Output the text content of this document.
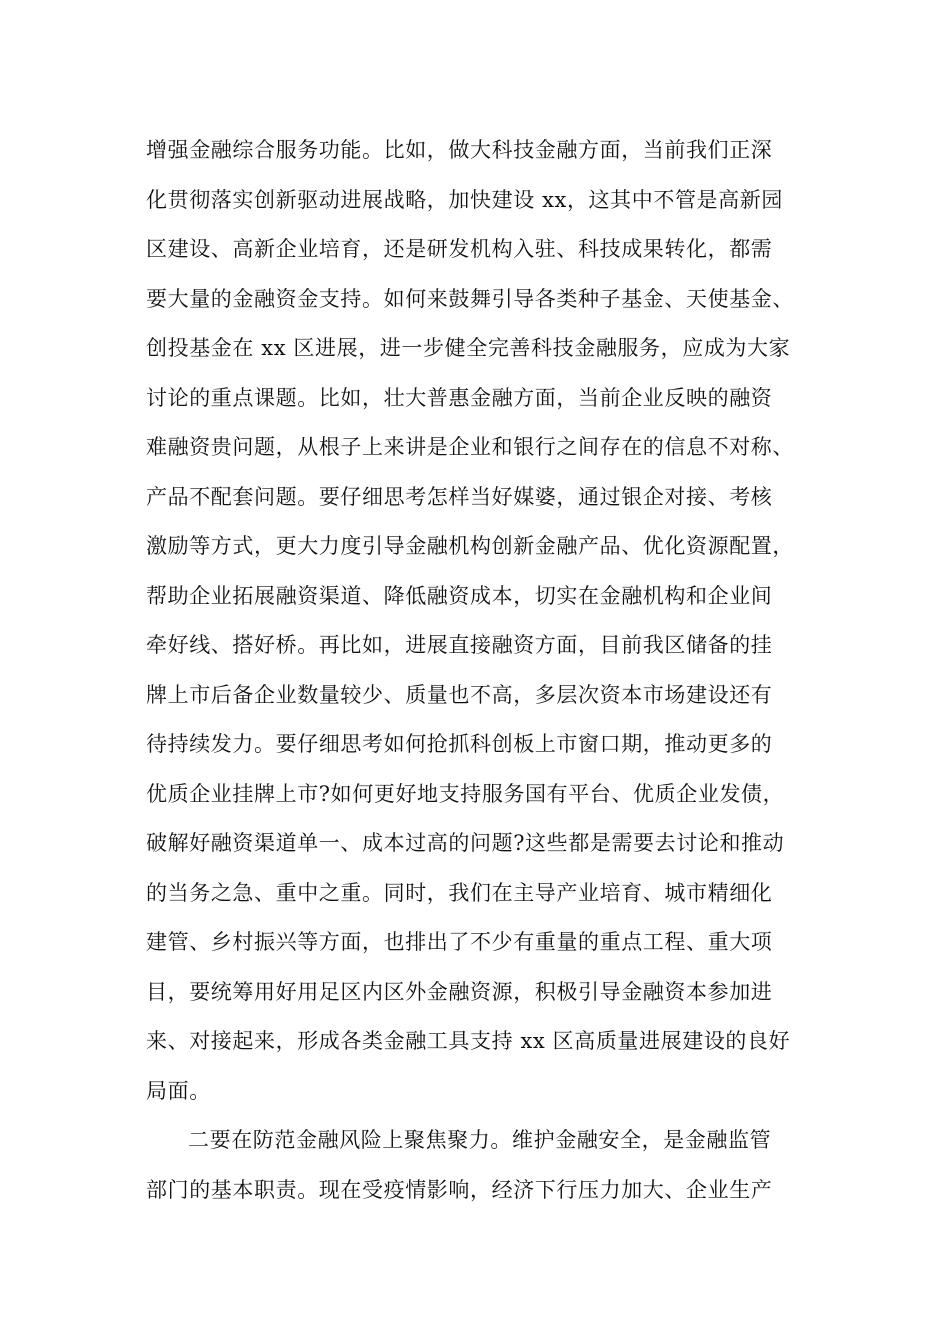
增强金融综合服务功能。比如，做大科技金融方面，当前我们正深
化贯彻落实创新驱动进展战略，加快建设 xx，这其中不管是高新园
区建设、高新企业培育，还是研发机构入驻、科技成果转化，都需
要大量的金融资金支持。如何来鼓舞引导各类种子基金、天使基金、
创投基金在 xx 区进展，进一步健全完善科技金融服务，应成为大家
讨论的重点课题。比如，壮大普惠金融方面，当前企业反映的融资
难融资贵问题，从根子上来讲是企业和银行之间存在的信息不对称、
产品不配套问题。要仔细思考怎样当好媒婆，通过银企对接、考核
激励等方式，更大力度引导金融机构创新金融产品、优化资源配置，
帮助企业拓展融资渠道、降低融资成本，切实在金融机构和企业间
牵好线、搭好桥。再比如，进展直接融资方面，目前我区储备的挂
牌上市后备企业数量较少、质量也不高，多层次资本市场建设还有
待持续发力。要仔细思考如何抢抓科创板上市窗口期，推动更多的
优质企业挂牌上市?如何更好地支持服务国有平台、优质企业发债，
破解好融资渠道单一、成本过高的问题?这些都是需要去讨论和推动
的当务之急、重中之重。同时，我们在主导产业培育、城市精细化
建管、乡村振兴等方面，也排出了不少有重量的重点工程、重大项
目，要统筹用好用足区内区外金融资源，积极引导金融资本参加进
来、对接起来，形成各类金融工具支持 xx 区高质量进展建设的良好
局面。
二要在防范金融风险上聚焦聚力。维护金融安全，是金融监管
部门的基本职责。现在受疫情影响，经济下行压力加大、企业生产
